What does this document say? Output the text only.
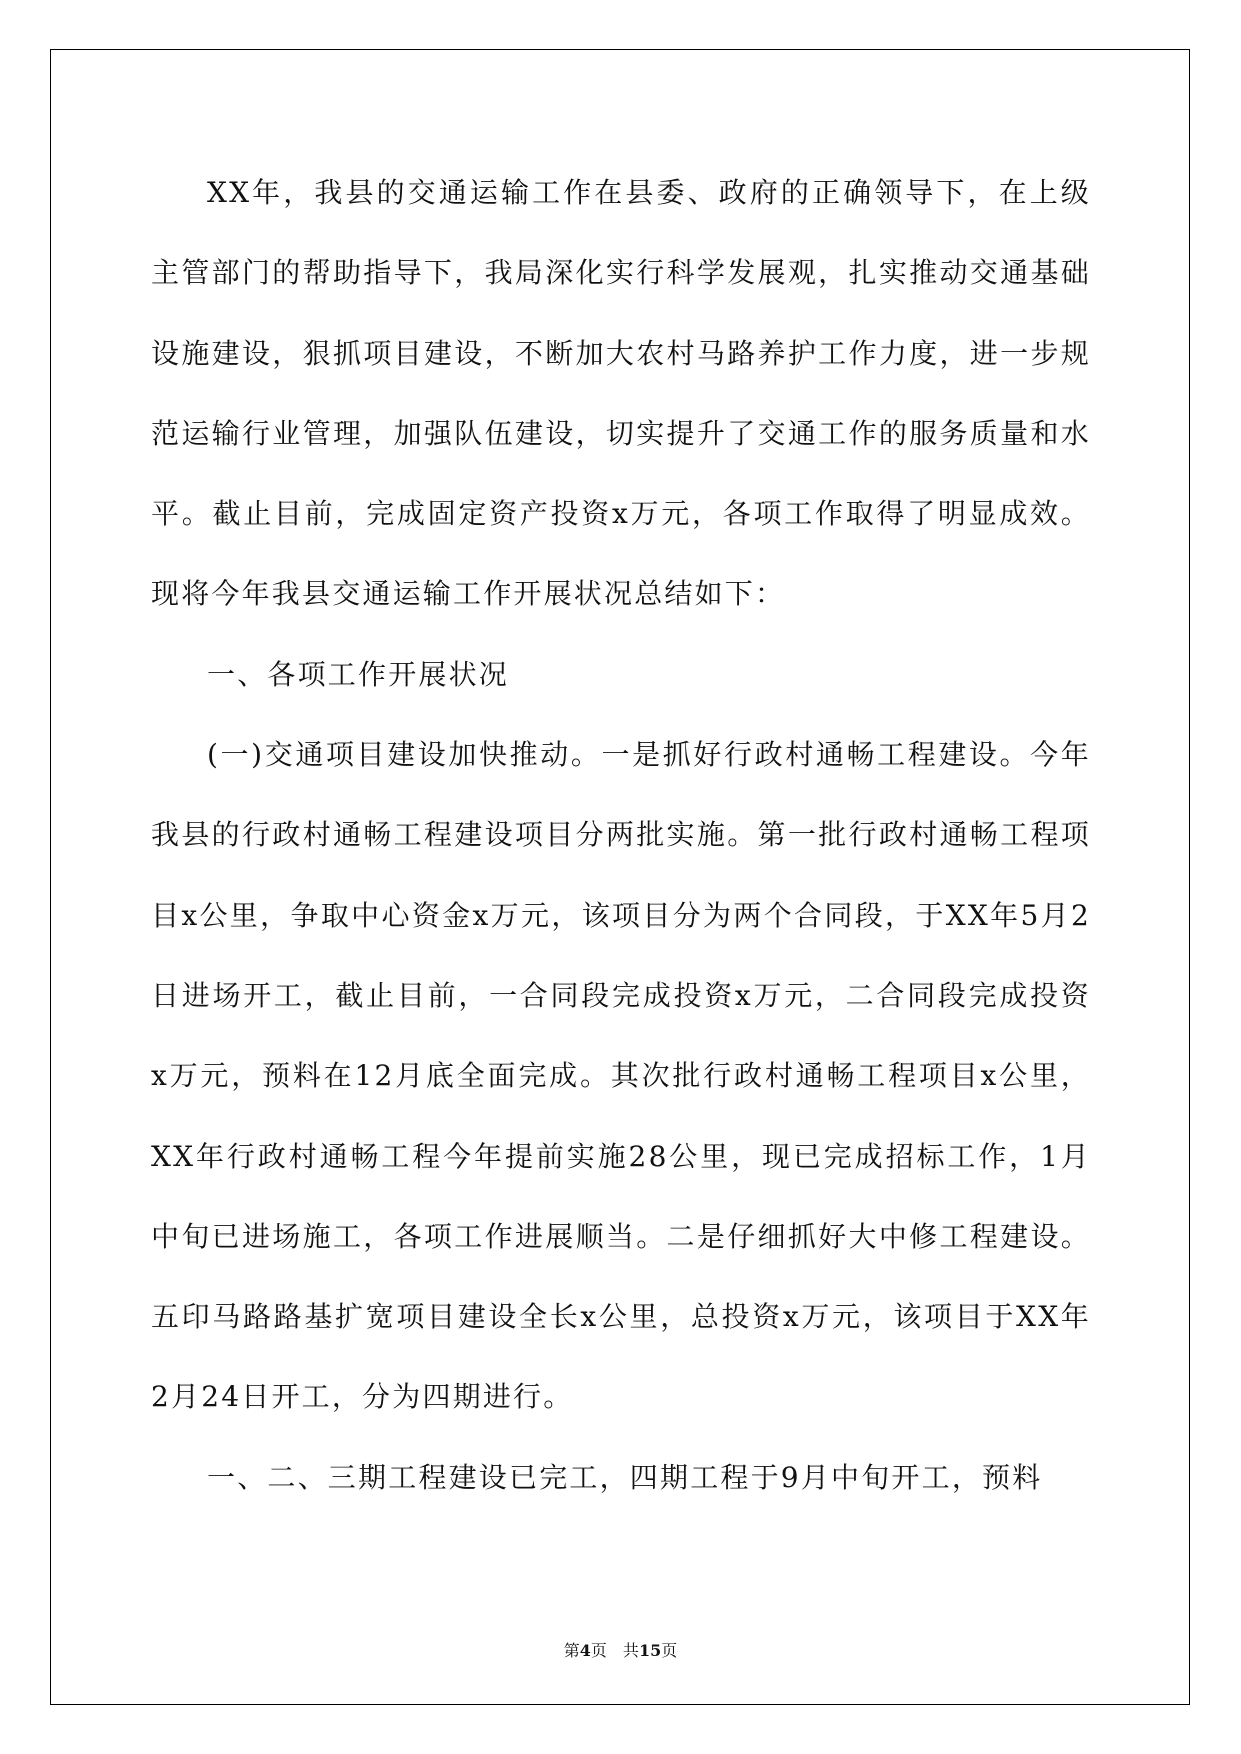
XX年，我县的交通运输工作在县委、政府的正确领导下，在上级主管部门的帮助指导下，我局深化实行科学发展观，扎实推动交通基础设施建设，狠抓项目建设，不断加大农村马路养护工作力度，进一步规范运输行业管理，加强队伍建设，切实提升了交通工作的服务质量和水平。截止目前，完成固定资产投资x万元，各项工作取得了明显成效。现将今年我县交通运输工作开展状况总结如下：

一、各项工作开展状况

(一)交通项目建设加快推动。一是抓好行政村通畅工程建设。今年我县的行政村通畅工程建设项目分两批实施。第一批行政村通畅工程项目x公里，争取中心资金x万元，该项目分为两个合同段，于XX年5月2日进场开工，截止目前，一合同段完成投资x万元，二合同段完成投资x万元，预料在12月底全面完成。其次批行政村通畅工程项目x公里，XX年行政村通畅工程今年提前实施28公里，现已完成招标工作，1月中旬已进场施工，各项工作进展顺当。二是仔细抓好大中修工程建设。五印马路路基扩宽项目建设全长x公里，总投资x万元，该项目于XX年2月24日开工，分为四期进行。

一、二、三期工程建设已完工，四期工程于9月中旬开工，预料

第4页　共15页
